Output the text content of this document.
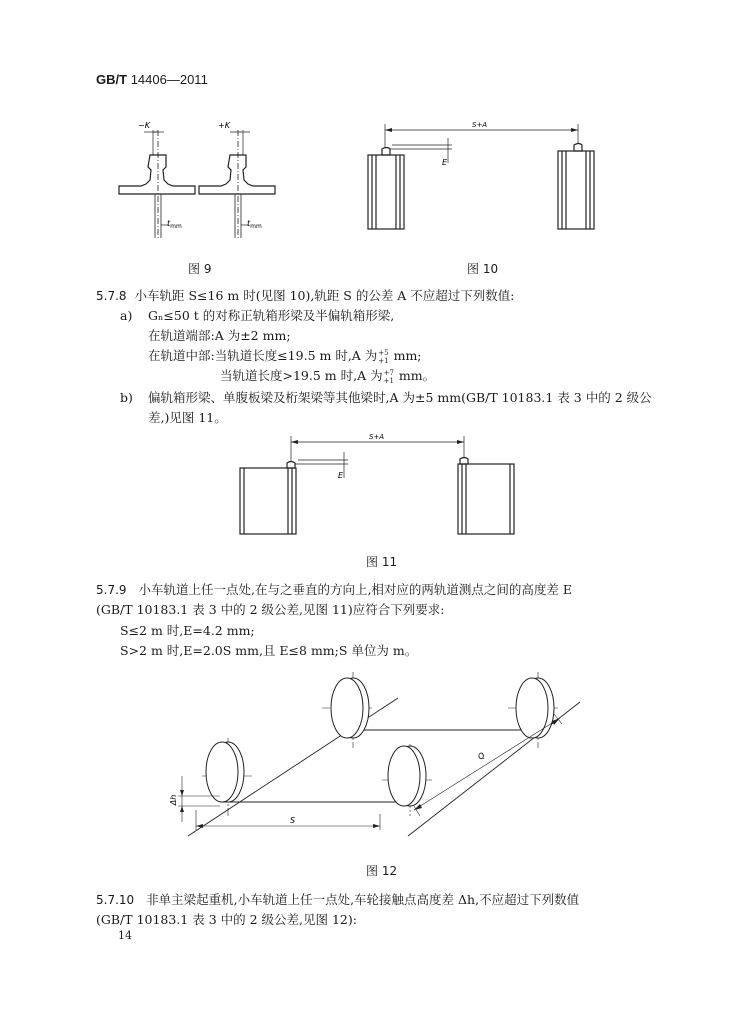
GB/T 14406—2011
−K	+K
$t_{mm}$	$t_{mm}$
图 9
S+A
E
图 10
5.7.8 小车轨距 S≤16 m 时(见图 10),轨距 S 的公差 A 不应超过下列数值:
a) Gₙ≤50 t 的对称正轨箱形梁及半偏轨箱形梁,
在轨道端部:A 为±2 mm;
在轨道中部:当轨道长度≤19.5 m 时,A 为+5
+1 mm;
当轨道长度>19.5 m 时,A 为+7
+1 mm。
b) 偏轨箱形梁、单腹板梁及桁架梁等其他梁时,A 为±5 mm(GB/T 10183.1 表 3 中的 2 级公
差,)见图 11。
S+A
E
图 11
5.7.9 小车轨道上任一点处,在与之垂直的方向上,相对应的两轨道测点之间的高度差 E
(GB/T 10183.1 表 3 中的 2 级公差,见图 11)应符合下列要求:
S≤2 m 时,E=4.2 mm;
S>2 m 时,E=2.0S mm,且 E≤8 mm;S 单位为 m。
Δh
S
Q
图 12
5.7.10 非单主梁起重机,小车轨道上任一点处,车轮接触点高度差 Δh,不应超过下列数值
(GB/T 10183.1 表 3 中的 2 级公差,见图 12):
14
